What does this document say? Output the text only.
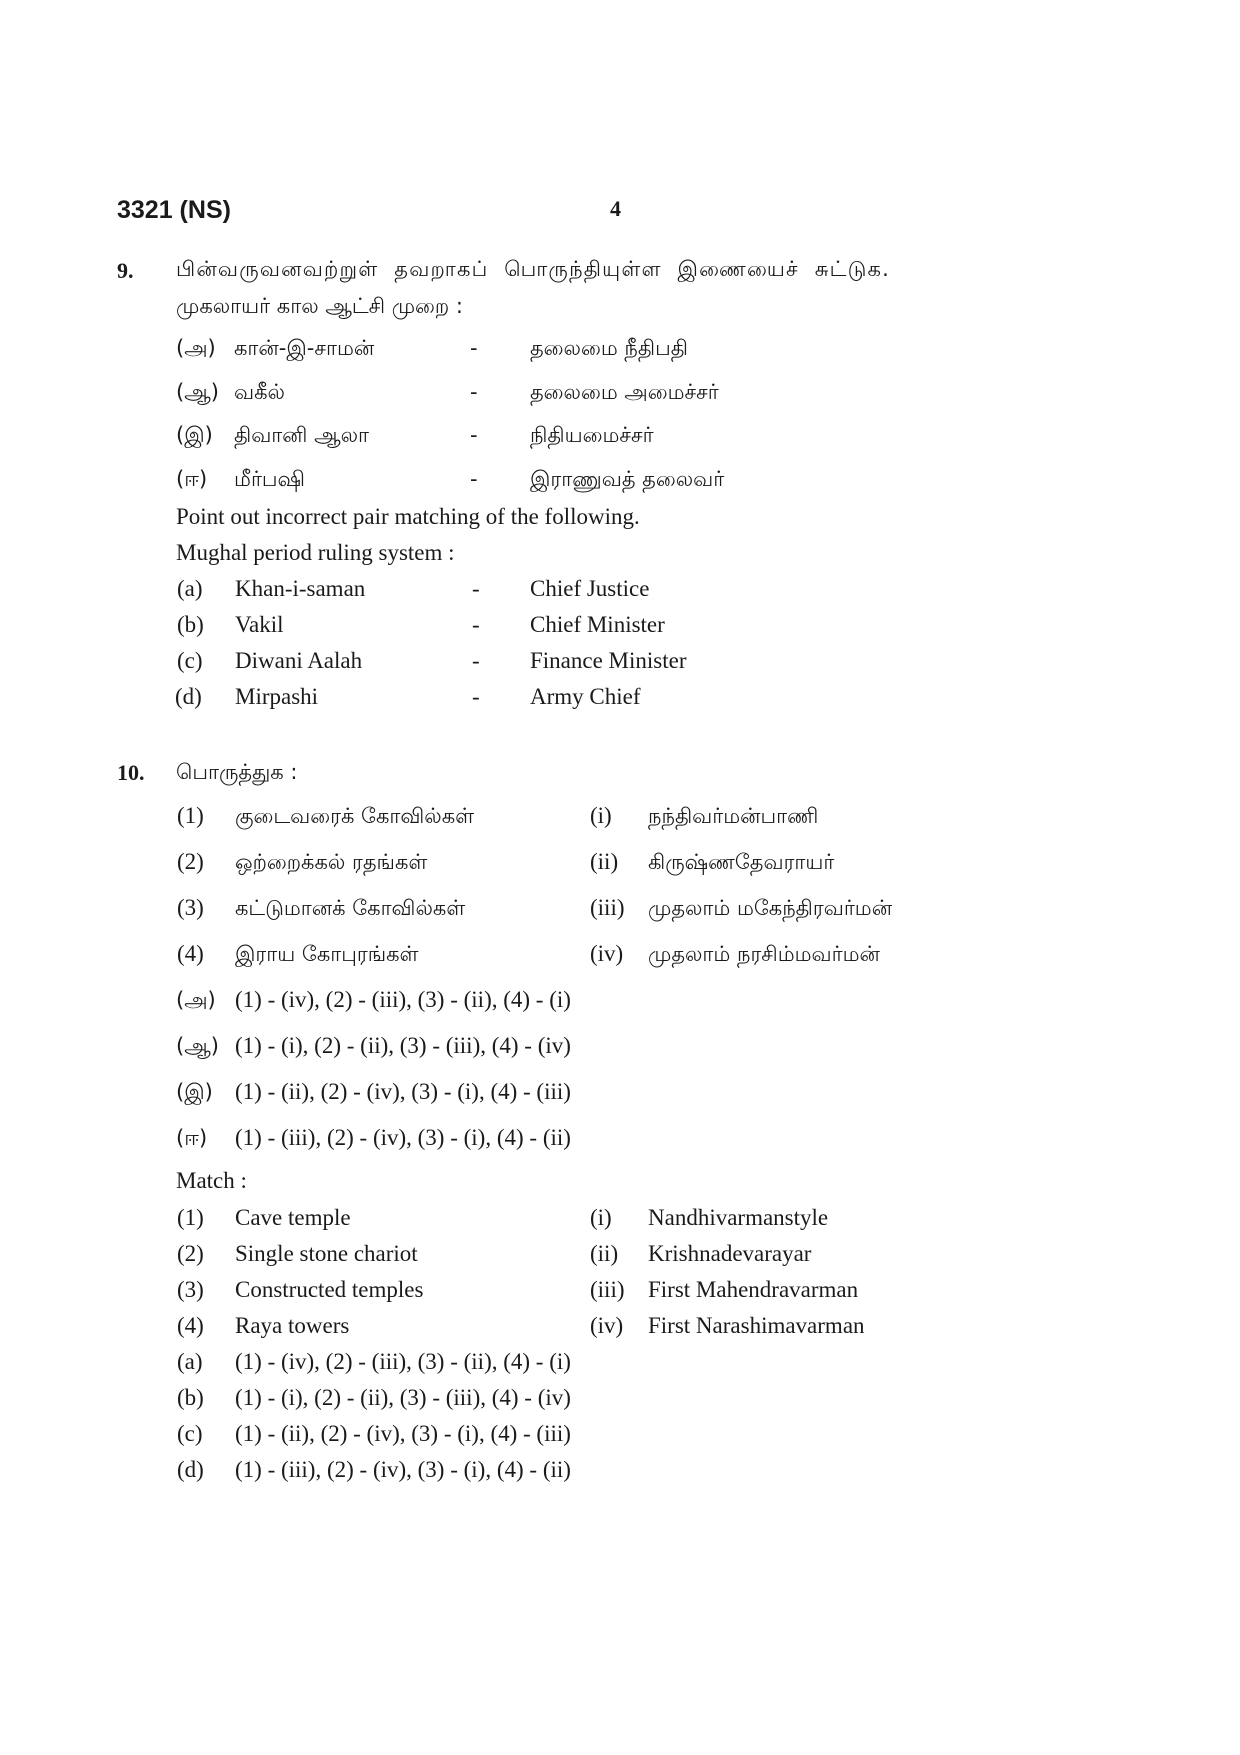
3321 (NS)	4
9. பின்வருவனவற்றுள் தவறாகப் பொருந்தியுள்ள இணையைச் சுட்டுக.
முகலாயர் கால ஆட்சி முறை :
(அ) கான்-இ-சாமன்	- தலைமை நீதிபதி
(ஆ) வகீல்	- தலைமை அமைச்சர்
(இ) திவானி ஆலா	- நிதியமைச்சர்
(ஈ) மீர்பஷி	- இராணுவத் தலைவர்
Point out incorrect pair matching of the following.
Mughal period ruling system :
(a) Khan-i-saman	- Chief Justice
(b) Vakil	- Chief Minister
(c) Diwani Aalah	- Finance Minister
(d) Mirpashi	- Army Chief
10. பொருத்துக :
(1) குடைவரைக் கோவில்கள்	(i) நந்திவர்மன்பாணி
(2) ஒற்றைக்கல் ரதங்கள்	(ii) கிருஷ்ணதேவராயர்
(3) கட்டுமானக் கோவில்கள்	(iii) முதலாம் மகேந்திரவர்மன்
(4) இராய கோபுரங்கள்	(iv) முதலாம் நரசிம்மவர்மன்
(அ) (1) - (iv), (2) - (iii), (3) - (ii), (4) - (i)
(ஆ) (1) - (i), (2) - (ii), (3) - (iii), (4) - (iv)
(இ) (1) - (ii), (2) - (iv), (3) - (i), (4) - (iii)
(ஈ) (1) - (iii), (2) - (iv), (3) - (i), (4) - (ii)
Match :
(1) Cave temple	(i) Nandhivarmanstyle
(2) Single stone chariot	(ii) Krishnadevarayar
(3) Constructed temples	(iii) First Mahendravarman
(4) Raya towers	(iv) First Narashimavarman
(a) (1) - (iv), (2) - (iii), (3) - (ii), (4) - (i)
(b) (1) - (i), (2) - (ii), (3) - (iii), (4) - (iv)
(c) (1) - (ii), (2) - (iv), (3) - (i), (4) - (iii)
(d) (1) - (iii), (2) - (iv), (3) - (i), (4) - (ii)
